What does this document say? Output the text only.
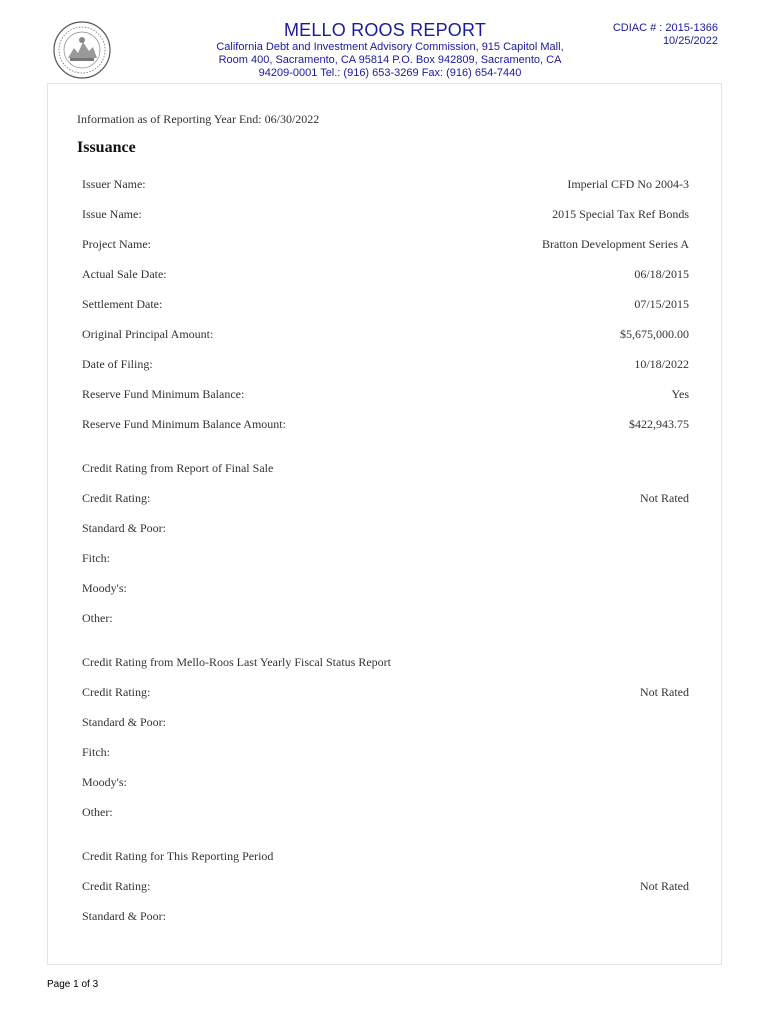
MELLO ROOS REPORT
California Debt and Investment Advisory Commission, 915 Capitol Mall,
Room 400, Sacramento, CA 95814 P.O. Box 942809, Sacramento, CA
94209-0001 Tel.: (916) 653-3269 Fax: (916) 654-7440
CDIAC # : 2015-1366
10/25/2022
Information as of Reporting Year End: 06/30/2022
Issuance
Issuer Name:	Imperial CFD No 2004-3
Issue Name:	2015 Special Tax Ref Bonds
Project Name:	Bratton Development Series A
Actual Sale Date:	06/18/2015
Settlement Date:	07/15/2015
Original Principal Amount:	$5,675,000.00
Date of Filing:	10/18/2022
Reserve Fund Minimum Balance:	Yes
Reserve Fund Minimum Balance Amount:	$422,943.75
Credit Rating from Report of Final Sale
Credit Rating:	Not Rated
Standard & Poor:
Fitch:
Moody's:
Other:
Credit Rating from Mello-Roos Last Yearly Fiscal Status Report
Credit Rating:	Not Rated
Standard & Poor:
Fitch:
Moody's:
Other:
Credit Rating for This Reporting Period
Credit Rating:	Not Rated
Standard & Poor:
Page 1 of 3
